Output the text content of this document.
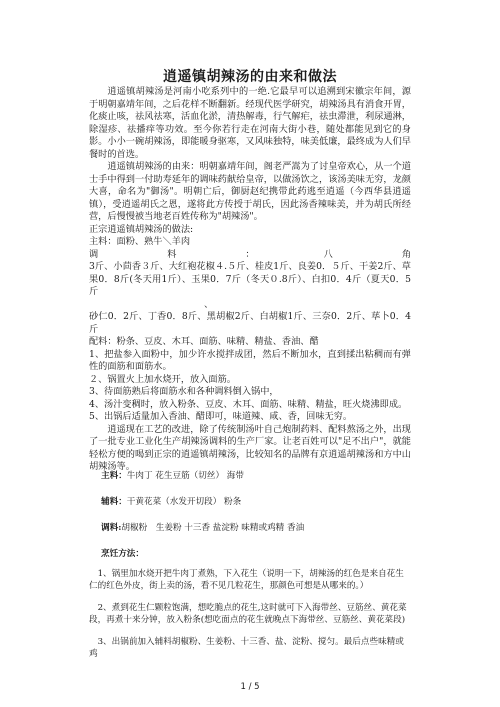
逍遥镇胡辣汤的由来和做法

逍遥镇胡辣汤是河南小吃系列中的一绝.它最早可以追溯到宋徽宗年间，源于明朝嘉靖年间，之后花样不断翻新。经现代医学研究，胡辣汤具有消食开胃，化痰止咳，祛风祛寒，活血化淤，清热解毒，行气解疟，祛虫滞泄，利尿通淋，除湿疹、祛播痒等功效。至今你若行走在河南大街小巷，随处都能见到它的身影。小小一碗胡辣汤，即能暖身驱寒，又风味独特，味美低廉，最终成为人们早餐时的首选。

逍遥镇胡辣汤的由来：明朝嘉靖年间，阁老严嵩为了讨皇帝欢心，从一个道士手中得到一付助寿延年的调味药献给皇帝，以做汤饮之，该汤美味无穷，龙颜大喜，命名为"御汤"。明朝亡后，御厨赵纪携带此药逃至逍遥（今西华县逍遥镇），受逍遥胡氏之恩，遂将此方传授于胡氏，因此汤香辣味美，并为胡氏所经营，后慢慢被当地老百姓传称为"胡辣汤"。

正宗逍遥镇胡辣汤的做法:

主料：面粉、熟牛＼羊肉

调	料	：	八	角

3斤、小茴香３斤、大红袍花椒４.５斤、桂皮1斤、良姜0．５斤、干姜2斤、草果0．8斤(冬天用1斤）、玉果0．7斤（冬天０.8斤）、白扣0．4斤（夏天0．5斤

、

砂仁0．2斤、丁香0．8斤、黑胡椒2斤、白胡椒1斤、三奈0．2斤、荜卜0．4斤

配料：粉条、豆皮、木耳、面筋、味精、精盐、香油、醋

1、把盐参入面粉中，加少许水搅拌成团，然后不断加水，直到揉出粘稠而有弹性的面筋和面筋水。

２、锅置火上加水烧开，放入面筋。

3、待面筋熟后将面筋水和各种调料倒入锅中，

4、汤汁变稠时，放入粉条、豆皮、木耳、面筋、味精、精盐，旺火烧沸即成。

5、出锅后适量加入香油、醋即可，味道辣、咸、香，回味无穷。

逍遥现在工艺的改进，除了传统制汤叶自己炮制药料、配料熬汤之外，出现了一批专业工业化生产胡辣汤调料的生产厂家。让老百姓可以"足不出户"，就能轻松方便的喝到正宗的逍遥镇胡辣汤，比较知名的品牌有京逍遥胡辣汤和方中山胡辣汤等。

主料：牛肉丁 花生豆筋（切丝） 海带

辅料：干黄花菜（水发开切段） 粉条

调料:胡椒粉　生姜粉 十三香 盐淀粉 味精或鸡精 香油

烹饪方法：

1、锅里加水烧开把牛肉丁煮熟，下入花生（说明一下，胡辣汤的红色是来自花生仁的红色外皮，街上卖的汤，看不见几粒花生，那颜色可想是从哪来的。）

2、煮到花生仁颗粒饱满，想吃脆点的花生,这时就可下入海带丝、豆筋丝、黄花菜段，再煮十来分钟，放入粉条(想吃面点的花生就晚点下海带丝、豆筋丝、黄花菜段)

3、出锅前加入辅料胡椒粉、生姜粉、十三香、盐、淀粉、搅匀。最后点些味精或鸡

1 / 5
